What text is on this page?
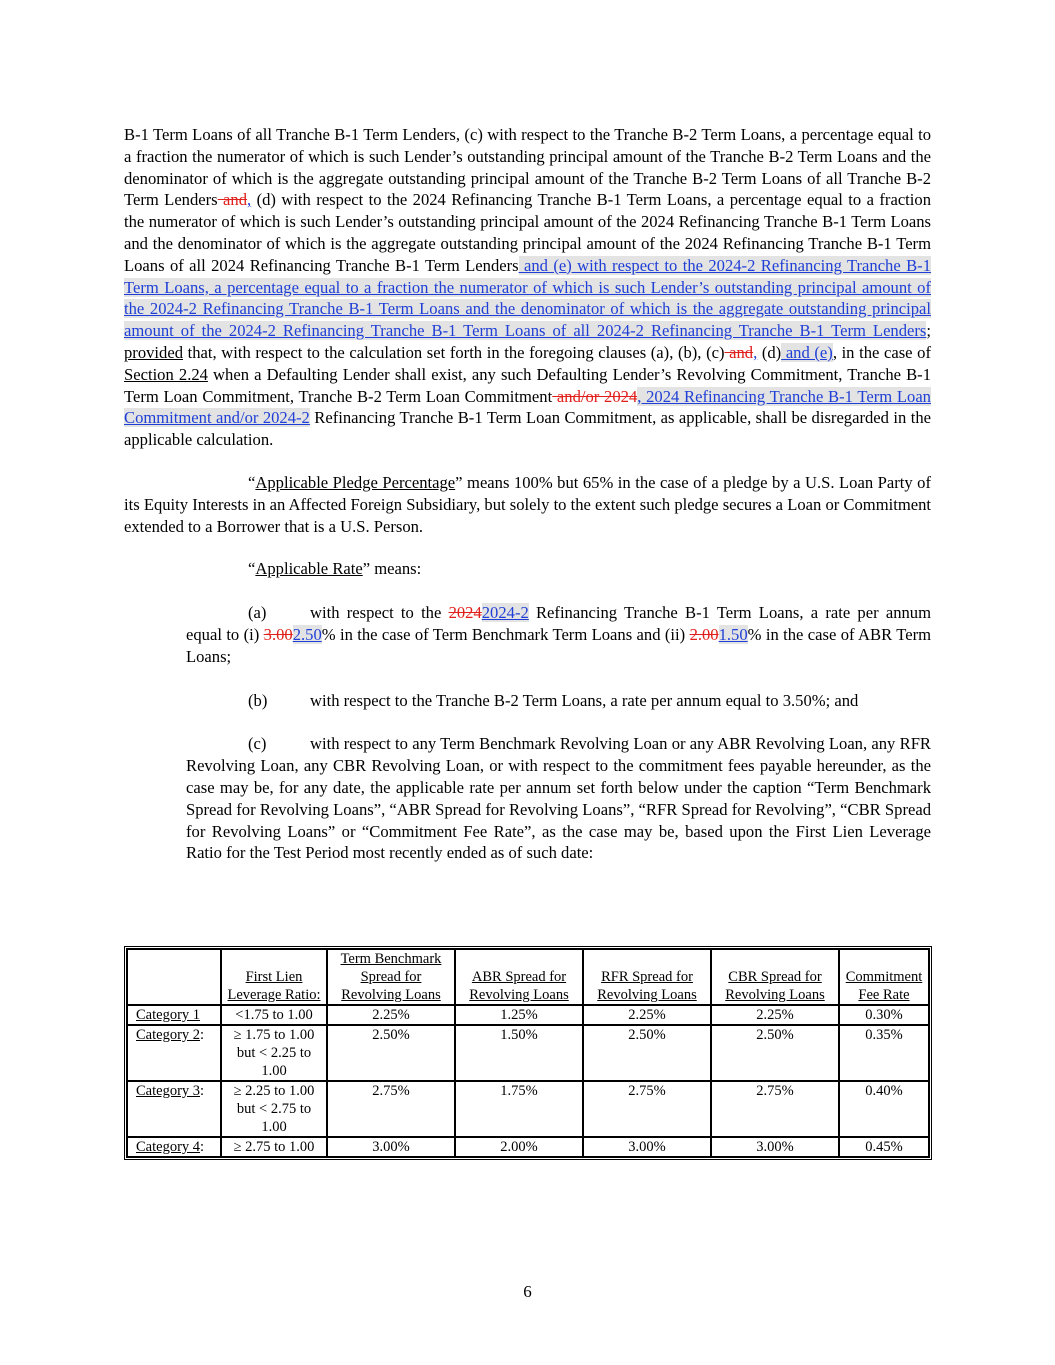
B-1 Term Loans of all Tranche B-1 Term Lenders, (c) with respect to the Tranche B-2 Term Loans, a percentage equal to a fraction the numerator of which is such Lender’s outstanding principal amount of the Tranche B-2 Term Loans and the denominator of which is the aggregate outstanding principal amount of the Tranche B-2 Term Loans of all Tranche B-2 Term Lenders and, (d) with respect to the 2024 Refinancing Tranche B-1 Term Loans, a percentage equal to a fraction the numerator of which is such Lender’s outstanding principal amount of the 2024 Refinancing Tranche B-1 Term Loans and the denominator of which is the aggregate outstanding principal amount of the 2024 Refinancing Tranche B-1 Term Loans of all 2024 Refinancing Tranche B-1 Term Lenders and (e) with respect to the 2024-2 Refinancing Tranche B-1 Term Loans, a percentage equal to a fraction the numerator of which is such Lender’s outstanding principal amount of the 2024-2 Refinancing Tranche B-1 Term Loans and the denominator of which is the aggregate outstanding principal amount of the 2024-2 Refinancing Tranche B-1 Term Loans of all 2024-2 Refinancing Tranche B-1 Term Lenders; provided that, with respect to the calculation set forth in the foregoing clauses (a), (b), (c) and, (d) and (e), in the case of Section 2.24 when a Defaulting Lender shall exist, any such Defaulting Lender’s Revolving Commitment, Tranche B-1 Term Loan Commitment, Tranche B-2 Term Loan Commitment and/or 2024, 2024 Refinancing Tranche B-1 Term Loan Commitment and/or 2024-2 Refinancing Tranche B-1 Term Loan Commitment, as applicable, shall be disregarded in the applicable calculation.

“Applicable Pledge Percentage” means 100% but 65% in the case of a pledge by a U.S. Loan Party of its Equity Interests in an Affected Foreign Subsidiary, but solely to the extent such pledge secures a Loan or Commitment extended to a Borrower that is a U.S. Person.

“Applicable Rate” means:

(a)	with respect to the 20242024-2 Refinancing Tranche B-1 Term Loans, a rate per annum equal to (i) 3.002.50% in the case of Term Benchmark Term Loans and (ii) 2.001.50% in the case of ABR Term Loans;

(b)	with respect to the Tranche B-2 Term Loans, a rate per annum equal to 3.50%; and

(c)	with respect to any Term Benchmark Revolving Loan or any ABR Revolving Loan, any RFR Revolving Loan, any CBR Revolving Loan, or with respect to the commitment fees payable hereunder, as the case may be, for any date, the applicable rate per annum set forth below under the caption “Term Benchmark Spread for Revolving Loans”, “ABR Spread for Revolving Loans”, “RFR Spread for Revolving”, “CBR Spread for Revolving Loans” or “Commitment Fee Rate”, as the case may be, based upon the First Lien Leverage Ratio for the Test Period most recently ended as of such date:

	First Lien Leverage Ratio:	Term Benchmark Spread for Revolving Loans	ABR Spread for Revolving Loans	RFR Spread for Revolving Loans	CBR Spread for Revolving Loans	Commitment Fee Rate
Category 1	<1.75 to 1.00	2.25%	1.25%	2.25%	2.25%	0.30%
Category 2:	≥ 1.75 to 1.00 but < 2.25 to 1.00	2.50%	1.50%	2.50%	2.50%	0.35%
Category 3:	≥ 2.25 to 1.00 but < 2.75 to 1.00	2.75%	1.75%	2.75%	2.75%	0.40%
Category 4:	≥ 2.75 to 1.00	3.00%	2.00%	3.00%	3.00%	0.45%
6
